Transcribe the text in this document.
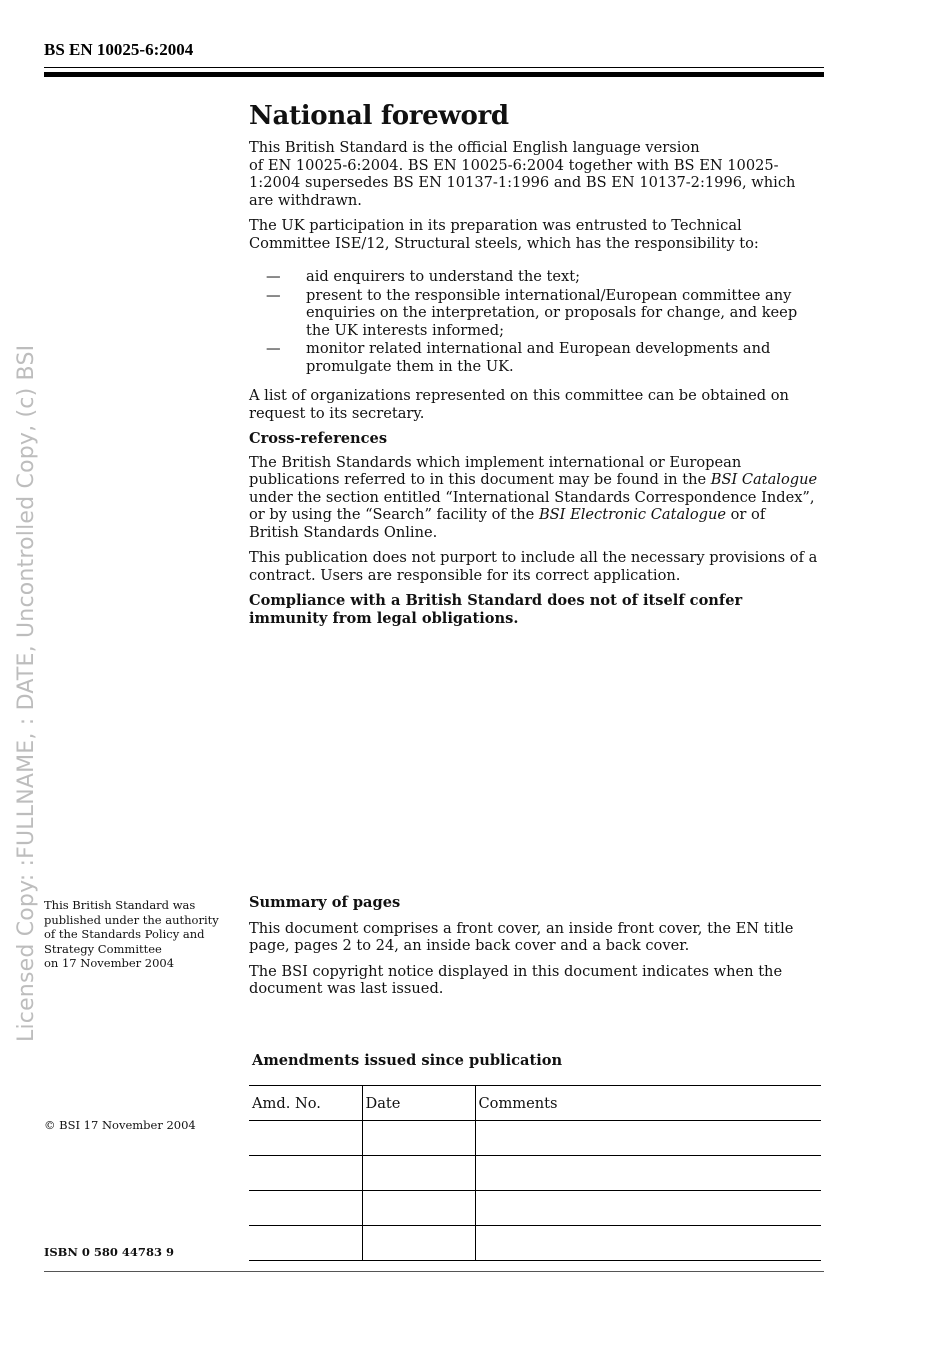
BS EN 10025-6:2004
Licensed Copy: :FULLNAME, : DATE, Uncontrolled Copy, (c) BSI
National foreword

This British Standard is the official English language version
of EN 10025-6:2004. BS EN 10025-6:2004 together with BS EN 10025-1:2004 supersedes BS EN 10137-1:1996 and BS EN 10137-2:1996, which are withdrawn.

The UK participation in its preparation was entrusted to Technical Committee ISE/12, Structural steels, which has the responsibility to:

— aid enquirers to understand the text;
— present to the responsible international/European committee any enquiries on the interpretation, or proposals for change, and keep the UK interests informed;
— monitor related international and European developments and promulgate them in the UK.

A list of organizations represented on this committee can be obtained on request to its secretary.

Cross-references

The British Standards which implement international or European publications referred to in this document may be found in the BSI Catalogue under the section entitled “International Standards Correspondence Index”, or by using the “Search” facility of the BSI Electronic Catalogue or of
British Standards Online.

This publication does not purport to include all the necessary provisions of a contract. Users are responsible for its correct application.

Compliance with a British Standard does not of itself confer immunity from legal obligations.

Summary of pages

This document comprises a front cover, an inside front cover, the EN title page, pages 2 to 24, an inside back cover and a back cover.

The BSI copyright notice displayed in this document indicates when the document was last issued.

This British Standard was
published under the authority
of the Standards Policy and
Strategy Committee
on 17 November 2004
© BSI 17 November 2004
ISBN 0 580 44783 9
Amendments issued since publication
Amd. No.	Date	Comments
